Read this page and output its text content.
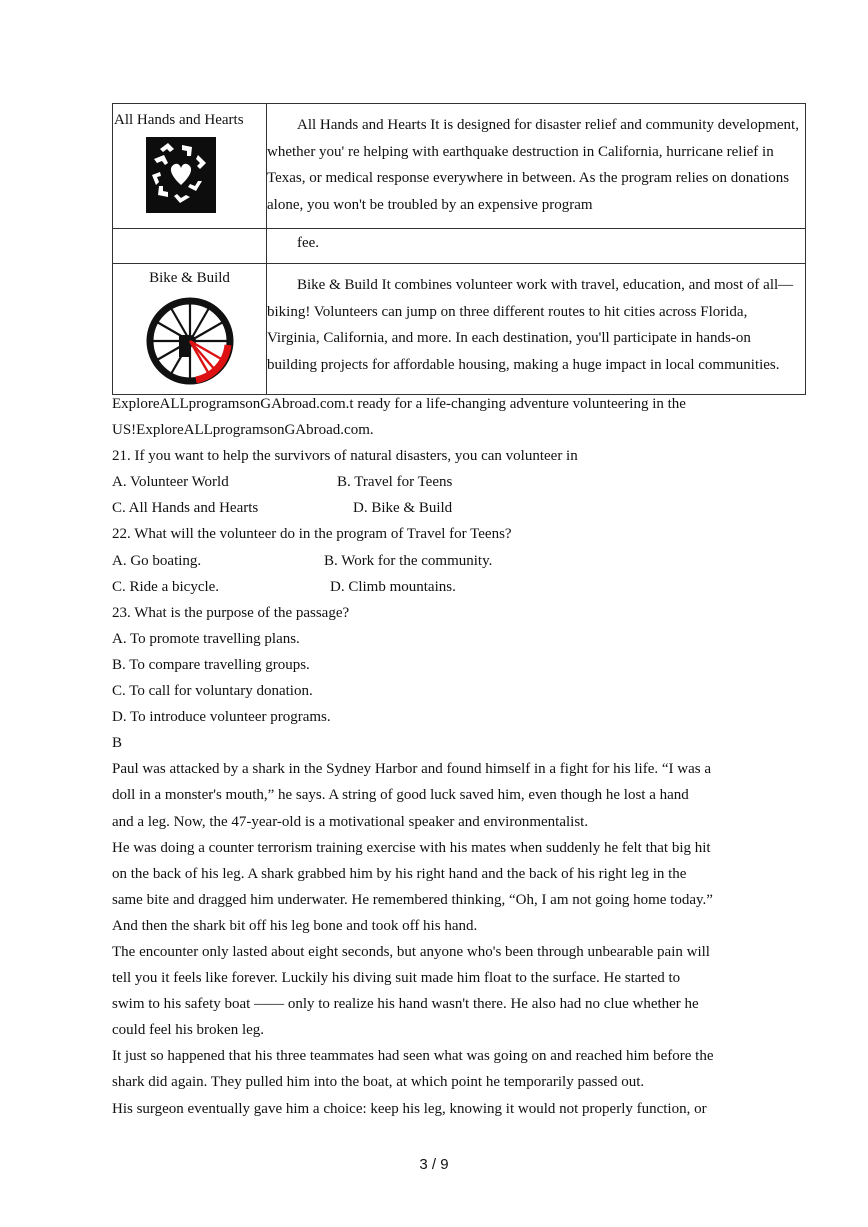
All Hands and Hearts	All Hands and Hearts It is designed for disaster relief and community development, whether you' re helping with earthquake destruction in California, hurricane relief in Texas, or medical response everywhere in between. As the program relies on donations alone, you won't be troubled by an expensive program

	fee.

Bike & Build	Bike & Build It combines volunteer work with travel, education, and most of all— biking! Volunteers can jump on three different routes to hit cities across Florida, Virginia, California, and more. In each destination, you'll participate in hands-on building projects for affordable housing, making a huge impact in local communities.

ExploreALLprogramsonGAbroad.com.t ready for a life-changing adventure volunteering in the

US!ExploreALLprogramsonGAbroad.com.

21. If you want to help the survivors of natural disasters, you can volunteer in

A. Volunteer World	B. Travel for Teens
C. All Hands and Hearts	D. Bike & Build

22. What will the volunteer do in the program of Travel for Teens?

A. Go boating.	B. Work for the community.
C. Ride a bicycle.	D. Climb mountains.

23. What is the purpose of the passage?

A. To promote travelling plans.

B. To compare travelling groups.

C. To call for voluntary donation.

D. To introduce volunteer programs.

B

Paul was attacked by a shark in the Sydney Harbor and found himself in a fight for his life. “I was a

doll in a monster's mouth,” he says. A string of good luck saved him, even though he lost a hand

and a leg. Now, the 47-year-old is a motivational speaker and environmentalist.

He was doing a counter terrorism training exercise with his mates when suddenly he felt that big hit

on the back of his leg. A shark grabbed him by his right hand and the back of his right leg in the

same bite and dragged him underwater. He remembered thinking, “Oh, I am not going home today.”

And then the shark bit off his leg bone and took off his hand.

The encounter only lasted about eight seconds, but anyone who's been through unbearable pain will

tell you it feels like forever. Luckily his diving suit made him float to the surface. He started to

swim to his safety boat —— only to realize his hand wasn't there. He also had no clue whether he

could feel his broken leg.

It just so happened that his three teammates had seen what was going on and reached him before the

shark did again. They pulled him into the boat, at which point he temporarily passed out.

His surgeon eventually gave him a choice: keep his leg, knowing it would not properly function, or

3 / 9
